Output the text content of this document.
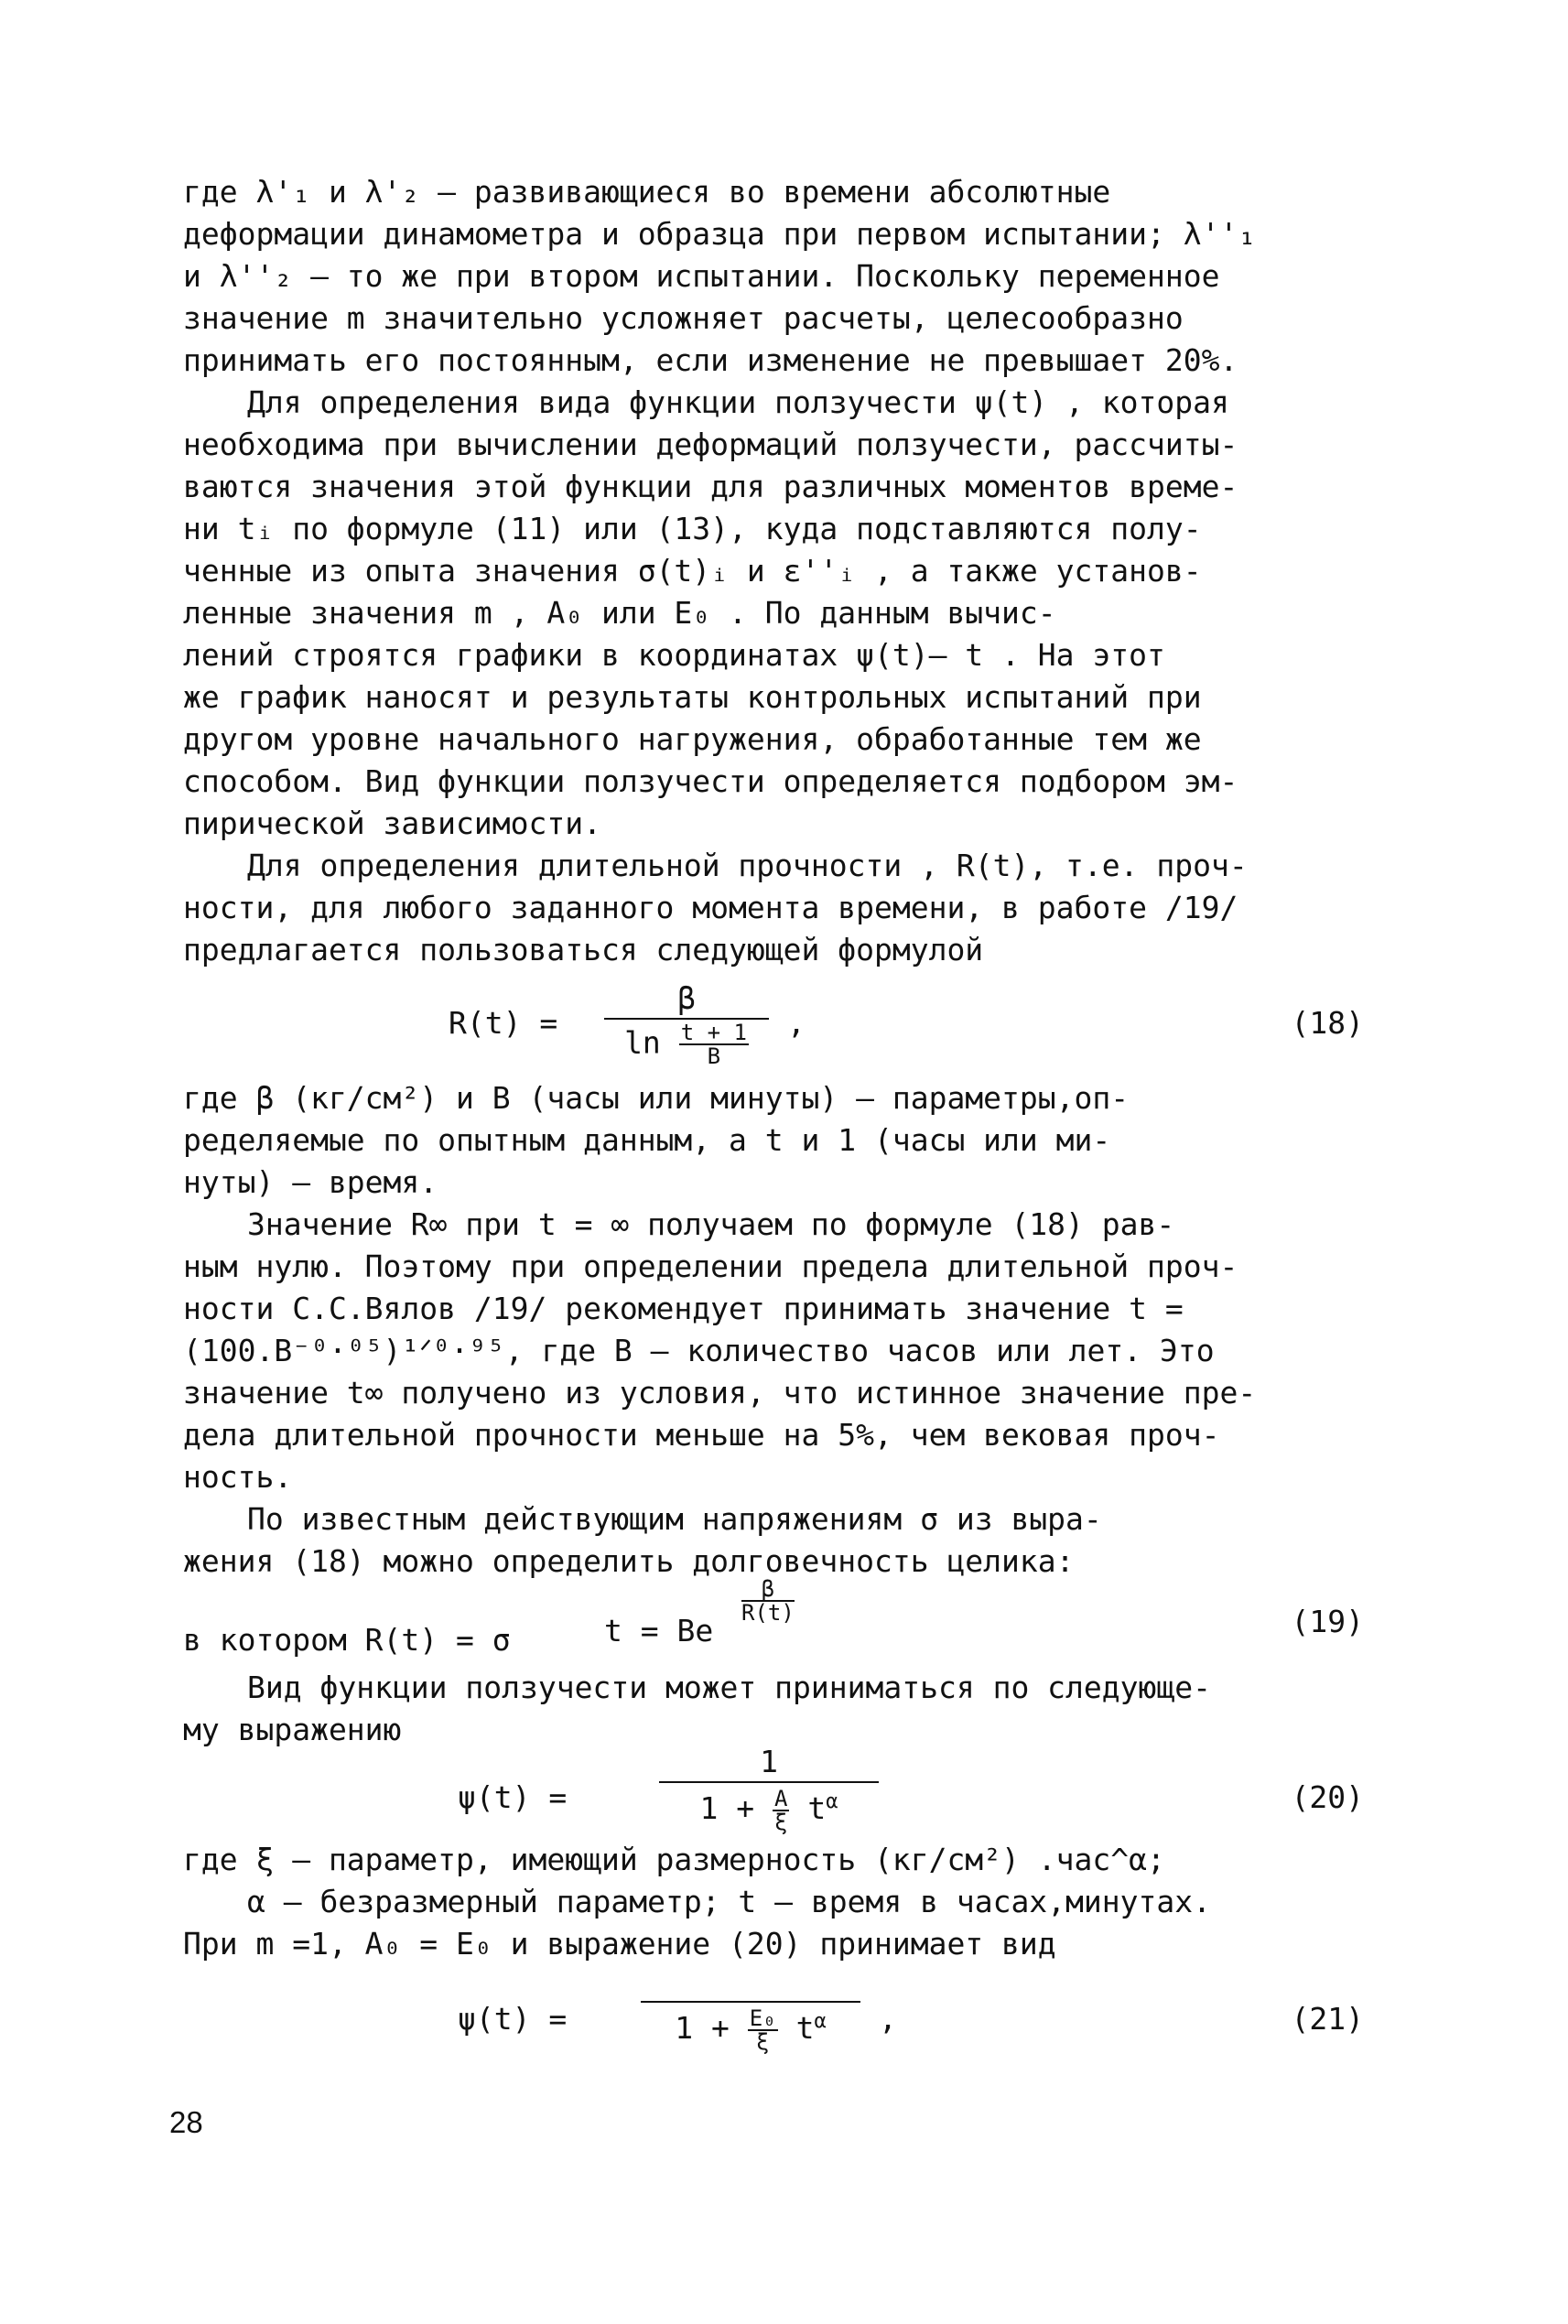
где λ'₁ и λ'₂ – развивающиеся во времени абсолютные
деформации динамометра и образца при первом испытании; λ''₁
и λ''₂ – то же при втором испытании. Поскольку переменное
значение m значительно усложняет расчеты, целесообразно
принимать его постоянным, если изменение не превышает 20%.
Для определения вида функции ползучести ψ(t) , которая
необходима при вычислении деформаций ползучести, рассчиты-
ваются значения этой функции для различных моментов време-
ни tᵢ по формуле (11) или (13), куда подставляются полу-
ченные из опыта значения σ(t)ᵢ и ε''ᵢ , а также установ-
ленные значения m , A₀ или E₀ . По данным вычис-
лений строятся графики в координатах ψ(t)— t . На этот
же график наносят и результаты контрольных испытаний при
другом уровне начального нагружения, обработанные тем же
способом. Вид функции ползучести определяется подбором эм-
пирической зависимости.
Для определения длительной прочности , R(t), т.е. проч-
ности, для любого заданного момента времени, в работе /19/
предлагается пользоваться следующей формулой
$R(t) = \frac{\beta}{\ln \frac{t + 1}{B}}$ ,	(18)
где β (кг/см²) и B (часы или минуты) – параметры,оп-
ределяемые по опытным данным, а t и 1 (часы или ми-
нуты) – время.
Значение R∞ при t = ∞ получаем по формуле (18) рав-
ным нулю. Поэтому при определении предела длительной проч-
ности С.С.Вялов /19/ рекомендует принимать значение t =
(100.B⁻⁰·⁰⁵)¹ᐟ⁰·⁹⁵, где B – количество часов или лет. Это
значение t∞ получено из условия, что истинное значение пре-
дела длительной прочности меньше на 5%, чем вековая проч-
ность.
По известным действующим напряжениям σ из выра-
жения (18) можно определить долговечность целика:
t = Be
$\frac{\beta}{R(t)}$	(19)
в котором R(t) = σ
Вид функции ползучести может приниматься по следующе-
му выражению
ψ(t) =	$\frac{1}{1 + \frac{A}{\xi} t^\alpha}$	(20)
где ξ – параметр, имеющий размерность (кг/см²) .час^α;
α – безразмерный параметр; t – время в часах,минутах.
При m =1, A₀ = E₀ и выражение (20) принимает вид
ψ(t) =	$1 + \frac{\text{E₀}}{\xi} t^\alpha$	,	(21)
28
